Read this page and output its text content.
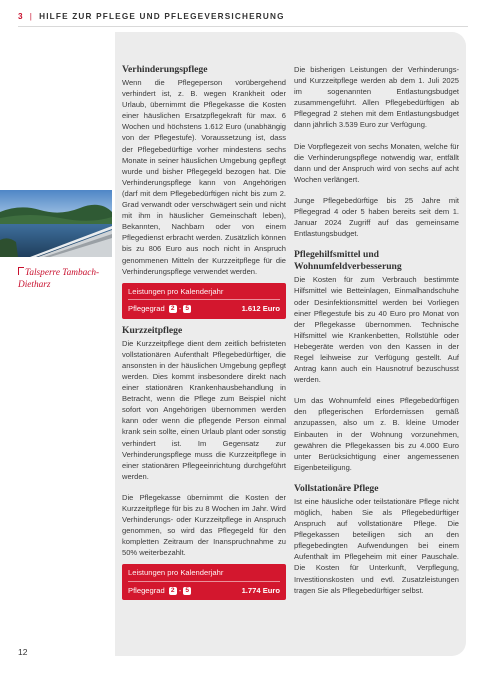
3 | HILFE ZUR PFLEGE UND PFLEGEVERSICHERUNG
Talsperre Tambach-Dietharz
Verhinderungspflege

Wenn die Pflegeperson vorübergehend verhindert ist, z. B. wegen Krankheit oder Urlaub, übernimmt die Pflegekasse die Kosten einer häuslichen Ersatzpflegekraft für max. 6 Wochen und höchstens 1.612 Euro (unabhängig von der Pflegestufe). Voraussetzung ist, dass der Pflegebedürftige vorher mindestens sechs Monate in seiner häuslichen Umgebung gepflegt wurde und bisher Pflegegeld bezogen hat. Die Verhinderungspflege kann von Angehörigen (darf mit dem Pflegebedürftigen nicht bis zum 2. Grad verwandt oder verschwägert sein und nicht mit ihm in häuslicher Gemeinschaft leben), Bekannten, Nachbarn oder von einem Pflegedienst erbracht werden. Zusätzlich können bis zu 806 Euro aus noch nicht in Anspruch genommenen Mitteln der Kurzzeitpflege für die Verhinderungspflege verwendet werden.

Leistungen pro Kalenderjahr
Pflegegrad 2 - 5	1.612 Euro
Kurzzeitpflege

Die Kurzzeitpflege dient dem zeitlich befristeten vollstationären Aufenthalt Pflegebedürftiger, die ansonsten in der häuslichen Umgebung gepflegt werden. Dies kommt insbesondere direkt nach einer stationären Krankenhausbehandlung in Betracht, wenn die Pflege zum Beispiel nicht sofort von Angehörigen übernommen werden kann oder wenn die pflegende Person einmal krank sein sollte, einen Urlaub plant oder sonstig verhindert ist. Im Gegensatz zur Verhinderungspflege muss die Kurzzeitpflege in einer stationären Pflegeeinrichtung durchgeführt werden.

Die Pflegekasse übernimmt die Kosten der Kurzzeitpflege für bis zu 8 Wochen im Jahr. Wird Verhinderungs- oder Kurzzeitpflege in Anspruch genommen, so wird das Pflegegeld für den kompletten Zeitraum der Inanspruchnahme zu 50% weiterbezahlt.

Leistungen pro Kalenderjahr
Pflegegrad 2 - 5	1.774 Euro

Die bisherigen Leistungen der Verhinderungs- und Kurzzeitpflege werden ab dem 1. Juli 2025 im sogenannten Entlastungsbudget zusammengeführt. Allen Pflegebedürftigen ab Pflegegrad 2 stehen mit dem Entlastungsbudget dann jährlich 3.539 Euro zur Verfügung.

Die Vorpflegezeit von sechs Monaten, welche für die Verhinderungspflege notwendig war, entfällt dann und der Anspruch wird von sechs auf acht Wochen verlängert.

Junge Pflegebedürftige bis 25 Jahre mit Pflegegrad 4 oder 5 haben bereits seit dem 1. Januar 2024 Zugriff auf das gemeinsame Entlastungsbudget.

Pflegehilfsmittel und Wohnumfeldverbesserung

Die Kosten für zum Verbrauch bestimmte Hilfsmittel wie Betteinlagen, Einmalhandschuhe oder Desinfektionsmittel werden bei Vorliegen einer Pflegestufe bis zu 40 Euro pro Monat von der Pflegekasse übernommen. Technische Hilfsmittel wie Krankenbetten, Rollstühle oder Hebegeräte werden von den Kassen in der Regel leihweise zur Verfügung gestellt. Auf Antrag kann auch ein Hausnotruf bezuschusst werden.

Um das Wohnumfeld eines Pflegebedürftigen den pflegerischen Erfordernissen gemäß anzupassen, also um z. B. kleine Umoder Einbauten in der Wohnung vorzunehmen, gewähren die Pflegekassen bis zu 4.000 Euro unter Berücksichtigung einer angemessenen Eigenbeteiligung.

Vollstationäre Pflege

Ist eine häusliche oder teilstationäre Pflege nicht möglich, haben Sie als Pflegebedürftiger Anspruch auf vollstationäre Pflege. Die Pflegekassen beteiligen sich an den pflegebedingten Aufwendungen bei einem Aufenthalt im Pflegeheim mit einer Pauschale. Die Kosten für Unterkunft, Verpflegung, Investitionskosten und evtl. Zusatzleistungen tragen Sie als Pflegebedürftiger selbst.

12
